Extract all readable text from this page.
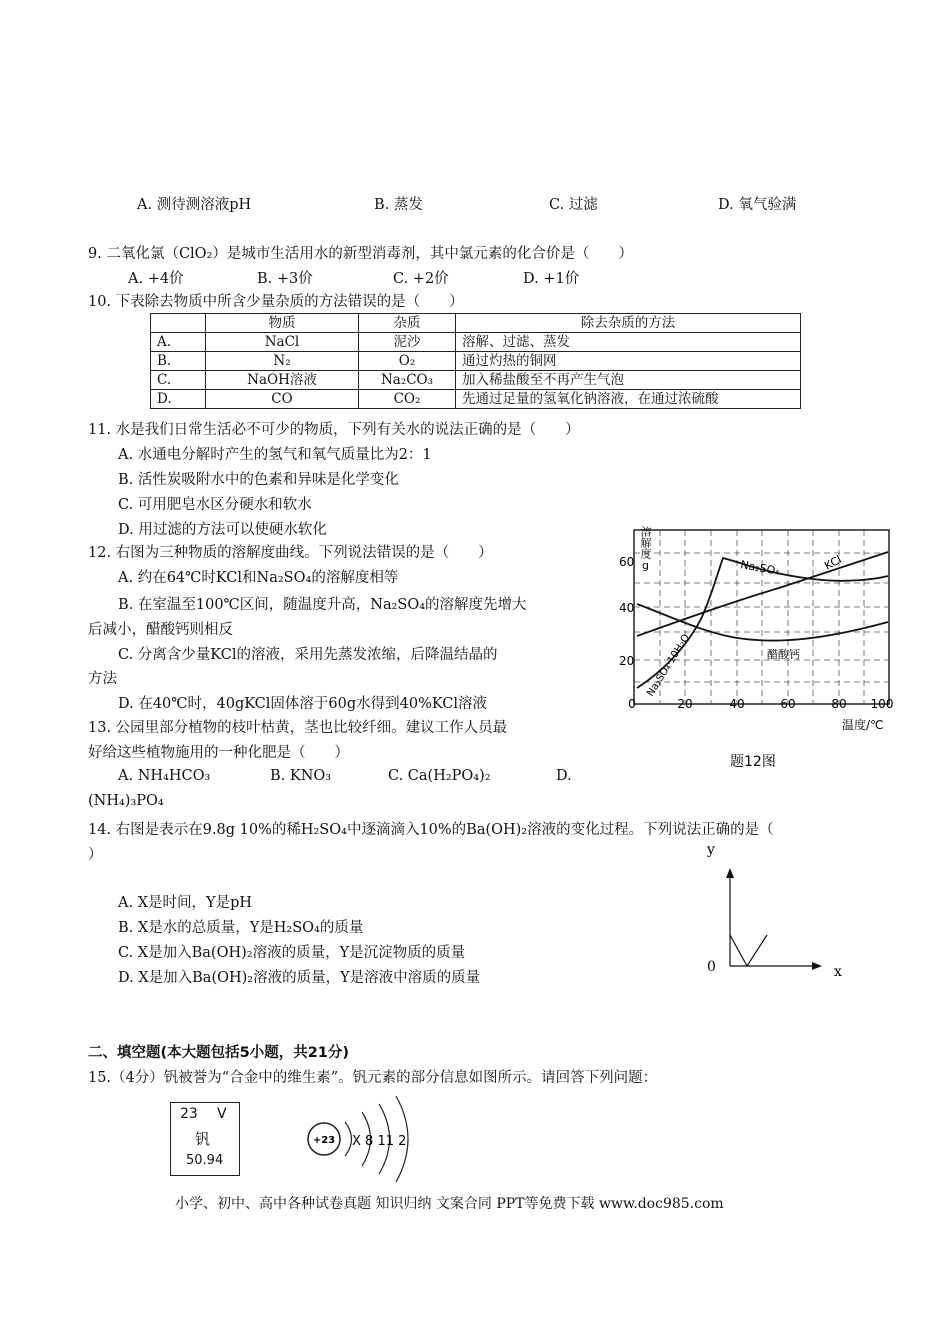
A. 测待测溶液pH	B. 蒸发	C. 过滤	D. 氧气验满
9. 二氧化氯（ClO₂）是城市生活用水的新型消毒剂，其中氯元素的化合价是（　　）
A. +4价	B. +3价	C. +2价	D. +1价
10. 下表除去物质中所含少量杂质的方法错误的是（　　）
	物质	杂质	除去杂质的方法
A.	NaCl	泥沙	溶解、过滤、蒸发
B.	N₂	O₂	通过灼热的铜网
C.	NaOH溶液	Na₂CO₃	加入稀盐酸至不再产生气泡
D.	CO	CO₂	先通过足量的氢氧化钠溶液，在通过浓硫酸
11. 水是我们日常生活必不可少的物质，下列有关水的说法正确的是（　　）
A. 水通电分解时产生的氢气和氧气质量比为2：1
B. 活性炭吸附水中的色素和异味是化学变化
C. 可用肥皂水区分硬水和软水
D. 用过滤的方法可以使硬水软化
12. 右图为三种物质的溶解度曲线。下列说法错误的是（　　）
A. 约在64℃时KCl和Na₂SO₄的溶解度相等
B. 在室温至100℃区间，随温度升高，Na₂SO₄的溶解度先增大
后减小，醋酸钙则相反
C. 分离含少量KCl的溶液，采用先蒸发浓缩，后降温结晶的
方法
D. 在40℃时，40gKCl固体溶于60g水得到40%KCl溶液	0	20	40	60	80 100
20
40
60
溶解度g
温度/℃
题12图
Na₂SO₄	KCl
醋酸钙
Na₂SO₄·10H₂O
13. 公园里部分植物的枝叶枯黄，茎也比较纤细。建议工作人员最
好给这些植物施用的一种化肥是（　　）
A. NH₄HCO₃	B. KNO₃	C. Ca(H₂PO₄)₂	D.
(NH₄)₃PO₄
14. 右图是表示在9.8g 10%的稀H₂SO₄中逐滴滴入10%的Ba(OH)₂溶液的变化过程。下列说法正确的是（
）
A. X是时间，Y是pH
B. X是水的总质量，Y是H₂SO₄的质量
C. X是加入Ba(OH)₂溶液的质量，Y是沉淀物质的质量
D. X是加入Ba(OH)₂溶液的质量，Y是溶液中溶质的质量
y
x
0
二、填空题(本大题包括5小题，共21分)
15.（4分）钒被誉为“合金中的维生素”。钒元素的部分信息如图所示。请回答下列问题：
23 V
钒
50.94
+23 X 8 11 2
小学、初中、高中各种试卷真题 知识归纳 文案合同 PPT等免费下载 www.doc985.com
